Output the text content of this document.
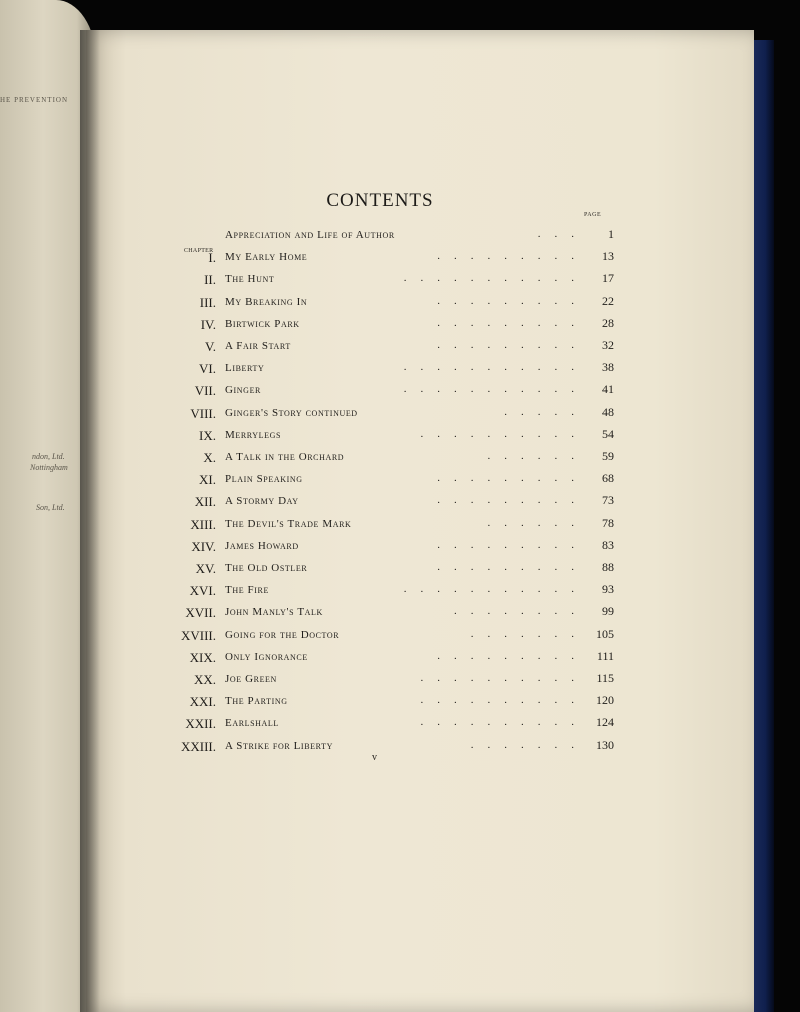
HE PREVENTION
ndon, Ltd.
Nottingham
Son, Ltd.
CONTENTS
PAGE
CHAPTER
Appreciation and Life of Author	...	1
I. My Early Home	.........	13
II. The Hunt	...........	17
III. My Breaking In	.........	22
IV. Birtwick Park	.........	28
V. A Fair Start	.........	32
VI. Liberty	...........	38
VII. Ginger	...........	41
VIII. Ginger's Story continued	.....	48
IX. Merrylegs	..........	54
X. A Talk in the Orchard	......	59
XI. Plain Speaking	.........	68
XII. A Stormy Day	.........	73
XIII. The Devil's Trade Mark	......	78
XIV. James Howard	.........	83
XV. The Old Ostler	.........	88
XVI. The Fire	...........	93
XVII. John Manly's Talk	........	99
XVIII. Going for the Doctor	....... 105
XIX. Only Ignorance	......... 111
XX. Joe Green	.......... 115
XXI. The Parting	.......... 120
XXII. Earlshall	.......... 124
XXIII. A Strike for Liberty	....... 130
v
